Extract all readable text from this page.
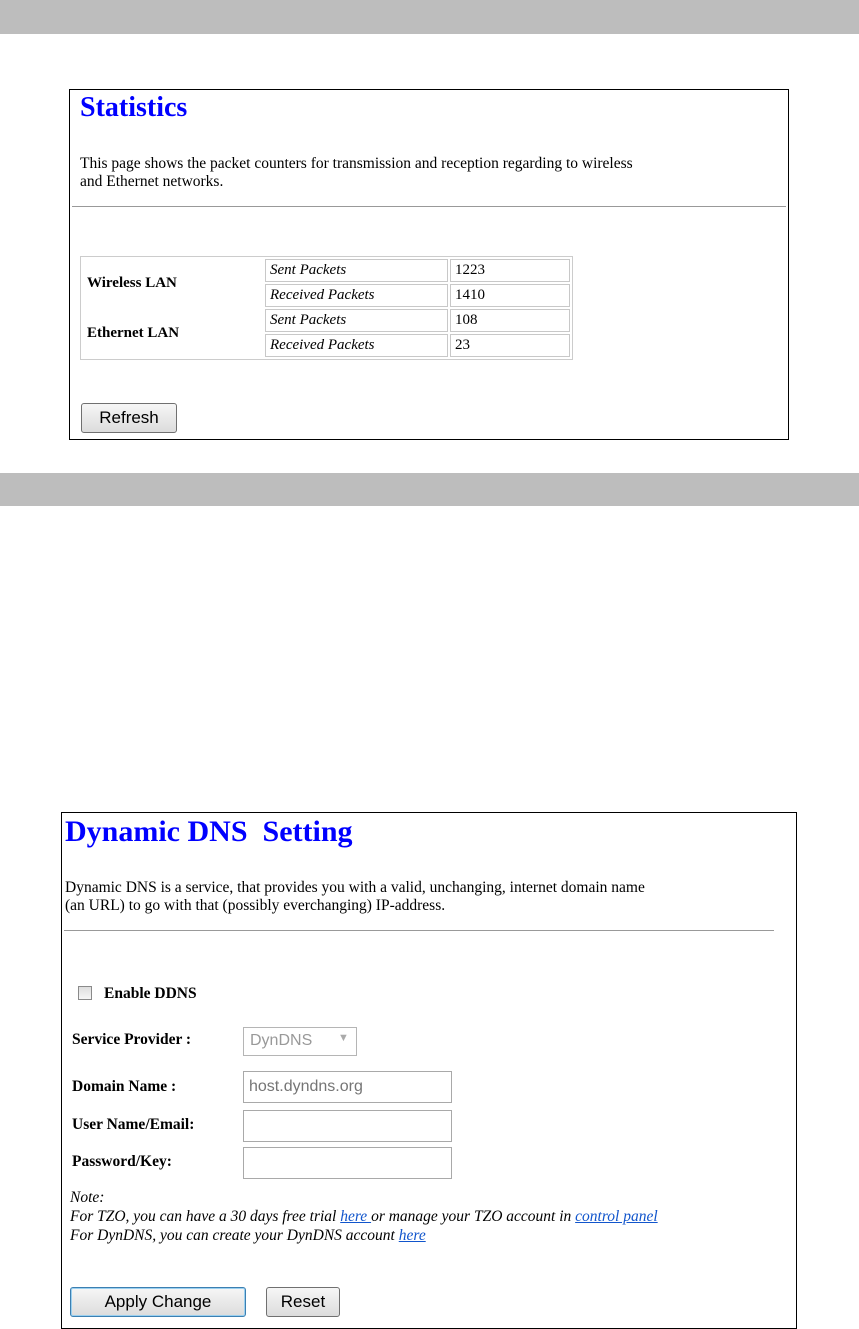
Statistics

This page shows the packet counters for transmission and reception regarding to wireless
and Ethernet networks.

Wireless LAN	Sent Packets	1223
	Received Packets	1410
Ethernet LAN	Sent Packets	108
	Received Packets	23
Refresh
Dynamic DNS  Setting

Dynamic DNS is a service, that provides you with a valid, unchanging, internet domain name
(an URL) to go with that (possibly everchanging) IP-address.

Enable DDNS
Service Provider :	DynDNS ▼
Domain Name :
host.dyndns.org
User Name/Email:
Password/Key:
Note:
For TZO, you can have a 30 days free trial here or manage your TZO account in control panel
For DynDNS, you can create your DynDNS account here
Apply Change	Reset
